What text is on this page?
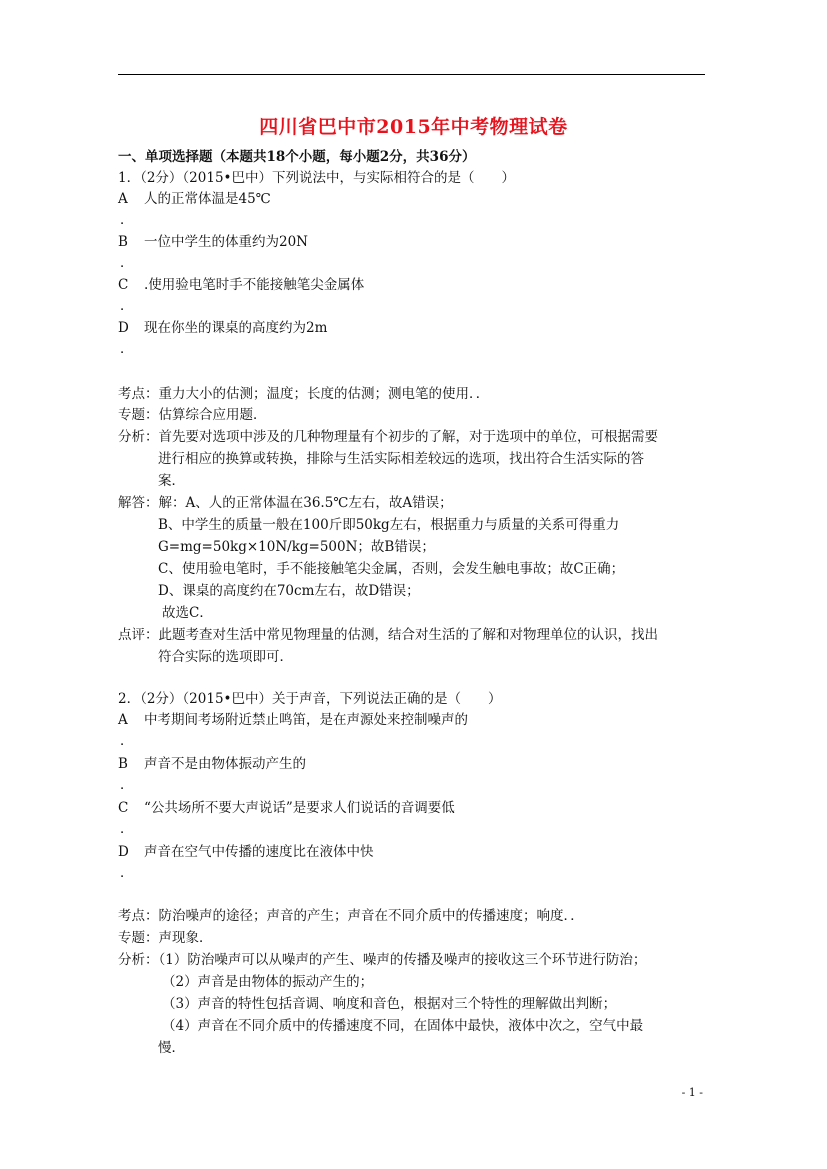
四川省巴中市2015年中考物理试卷
一、单项选择题（本题共18个小题，每小题2分，共36分）
1．（2分）（2015•巴中）下列说法中，与实际相符合的是（　　）
A 人的正常体温是45℃
．
B 一位中学生的体重约为20N
．
C .使用验电笔时手不能接触笔尖金属体
．
D 现在你坐的课桌的高度约为2m
．
考点：重力大小的估测；温度；长度的估测；测电笔的使用．．
专题：估算综合应用题．
分析：首先要对选项中涉及的几种物理量有个初步的了解，对于选项中的单位，可根据需要
进行相应的换算或转换，排除与生活实际相差较远的选项，找出符合生活实际的答
案．
解答：解：A、人的正常体温在36.5℃左右，故A错误；
B、中学生的质量一般在100斤即50kg左右，根据重力与质量的关系可得重力
G=mg=50kg×10N/kg=500N；故B错误；
C、使用验电笔时，手不能接触笔尖金属，否则，会发生触电事故；故C正确；
D、课桌的高度约在70cm左右，故D错误；
故选C．
点评：此题考查对生活中常见物理量的估测，结合对生活的了解和对物理单位的认识，找出
符合实际的选项即可．
2．（2分）（2015•巴中）关于声音，下列说法正确的是（　　）
A 中考期间考场附近禁止鸣笛，是在声源处来控制噪声的
．
B 声音不是由物体振动产生的
．
C “公共场所不要大声说话”是要求人们说话的音调要低
．
D 声音在空气中传播的速度比在液体中快
．
考点：防治噪声的途径；声音的产生；声音在不同介质中的传播速度；响度．．
专题：声现象．
分析：（1）防治噪声可以从噪声的产生、噪声的传播及噪声的接收这三个环节进行防治；
（2）声音是由物体的振动产生的；
（3）声音的特性包括音调、响度和音色，根据对三个特性的理解做出判断；
（4）声音在不同介质中的传播速度不同，在固体中最快，液体中次之，空气中最
慢．
- 1 -
